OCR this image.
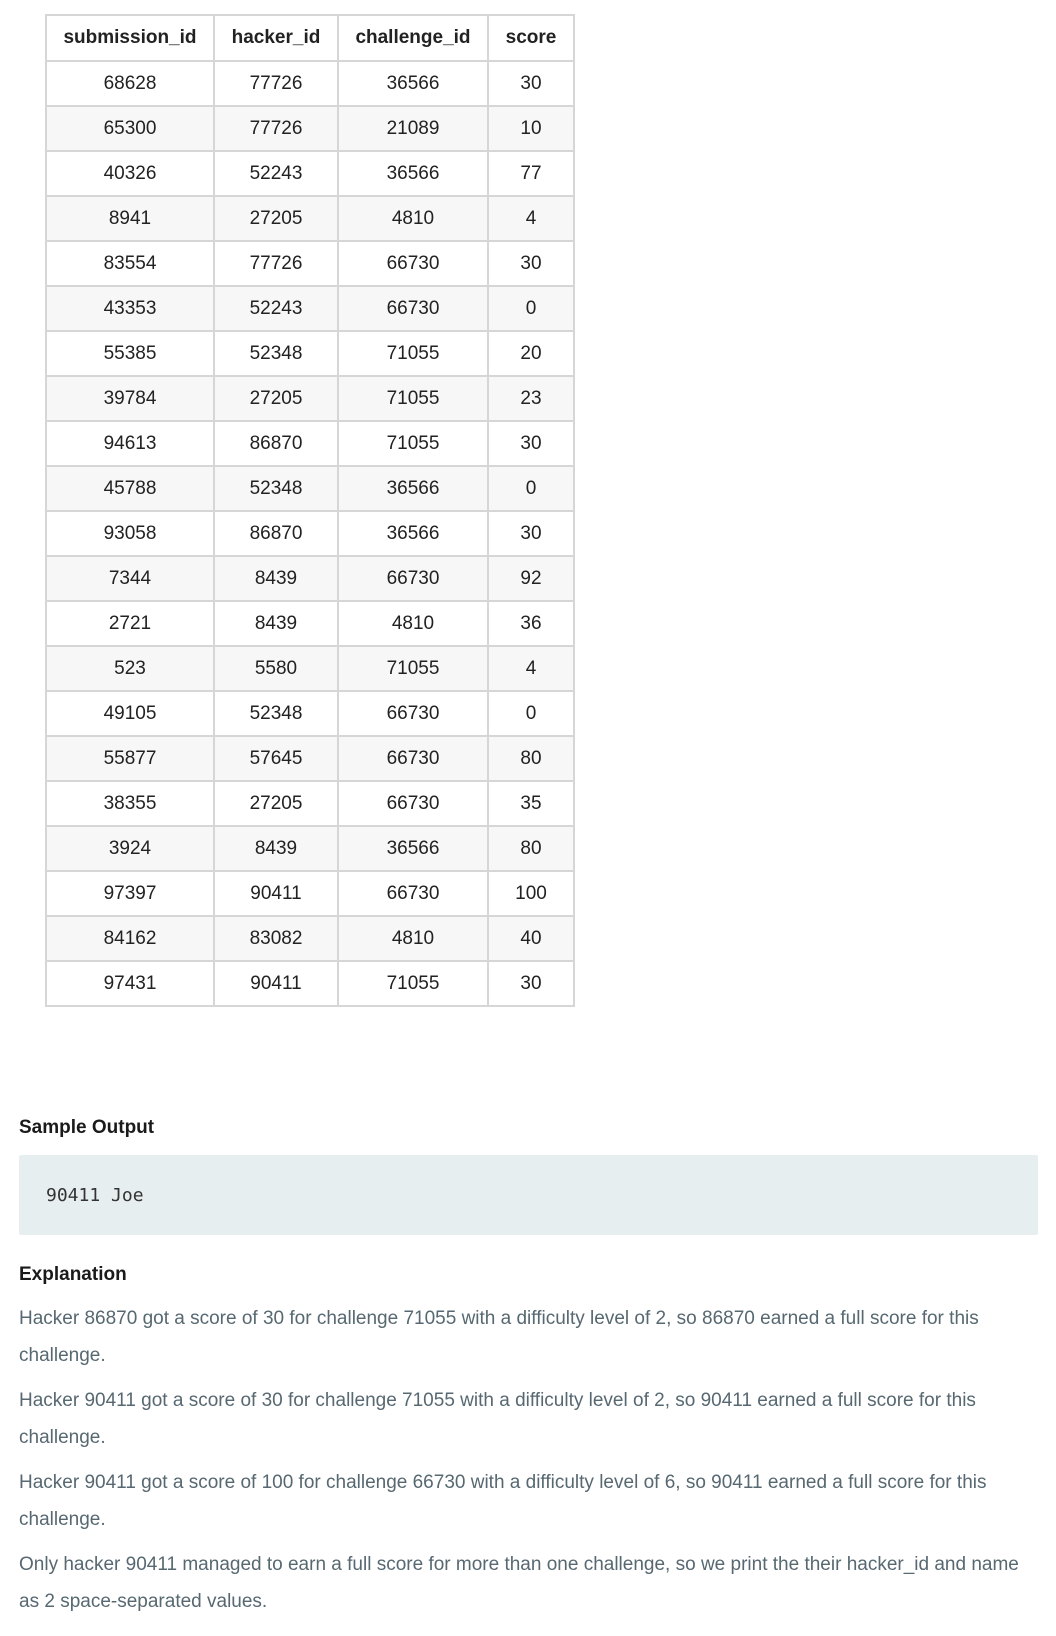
submission_id	hacker_id	challenge_id	score
68628	77726	36566	30
65300	77726	21089	10
40326	52243	36566	77
8941	27205	4810	4
83554	77726	66730	30
43353	52243	66730	0
55385	52348	71055	20
39784	27205	71055	23
94613	86870	71055	30
45788	52348	36566	0
93058	86870	36566	30
7344	8439	66730	92
2721	8439	4810	36
523	5580	71055	4
49105	52348	66730	0
55877	57645	66730	80
38355	27205	66730	35
3924	8439	36566	80
97397	90411	66730	100
84162	83082	4810	40
97431	90411	71055	30
Sample Output
90411 Joe
Explanation
Hacker 86870 got a score of 30 for challenge 71055 with a difficulty level of 2, so 86870 earned a full score for this challenge.
Hacker 90411 got a score of 30 for challenge 71055 with a difficulty level of 2, so 90411 earned a full score for this challenge.
Hacker 90411 got a score of 100 for challenge 66730 with a difficulty level of 6, so 90411 earned a full score for this challenge.
Only hacker 90411 managed to earn a full score for more than one challenge, so we print the their hacker_id and name as 2 space-separated values.
